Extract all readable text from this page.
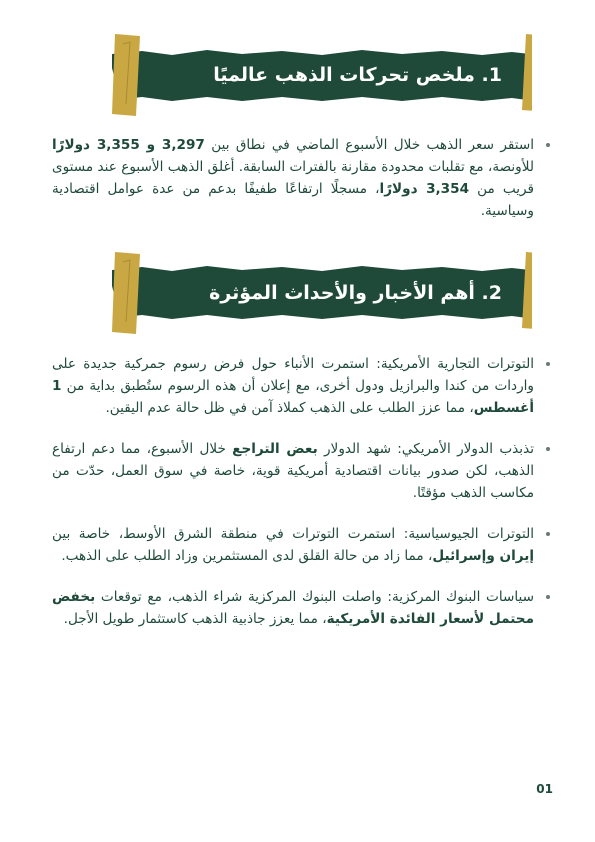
1. ملخص تحركات الذهب عالميًا
استقر سعر الذهب خلال الأسبوع الماضي في نطاق بين 3,297 و 3,355 دولارًا للأونصة، مع تقلبات محدودة مقارنة بالفترات السابقة. أغلق الذهب الأسبوع عند مستوى قريب من 3,354 دولارًا، مسجلًا ارتفاعًا طفيفًا بدعم من عدة عوامل اقتصادية وسياسية.
2. أهم الأخبار والأحداث المؤثرة
التوترات التجارية الأمريكية: استمرت الأنباء حول فرض رسوم جمركية جديدة على واردات من كندا والبرازيل ودول أخرى، مع إعلان أن هذه الرسوم ستُطبق بداية من 1 أغسطس، مما عزز الطلب على الذهب كملاذ آمن في ظل حالة عدم اليقين.
تذبذب الدولار الأمريكي: شهد الدولار بعض التراجع خلال الأسبوع، مما دعم ارتفاع الذهب، لكن صدور بيانات اقتصادية أمريكية قوية، خاصة في سوق العمل، حدّت من مكاسب الذهب مؤقتًا.
التوترات الجيوسياسية: استمرت التوترات في منطقة الشرق الأوسط، خاصة بين إيران وإسرائيل، مما زاد من حالة القلق لدى المستثمرين وزاد الطلب على الذهب.
سياسات البنوك المركزية: واصلت البنوك المركزية شراء الذهب، مع توقعات بخفض محتمل لأسعار الفائدة الأمريكية، مما يعزز جاذبية الذهب كاستثمار طويل الأجل.
01
